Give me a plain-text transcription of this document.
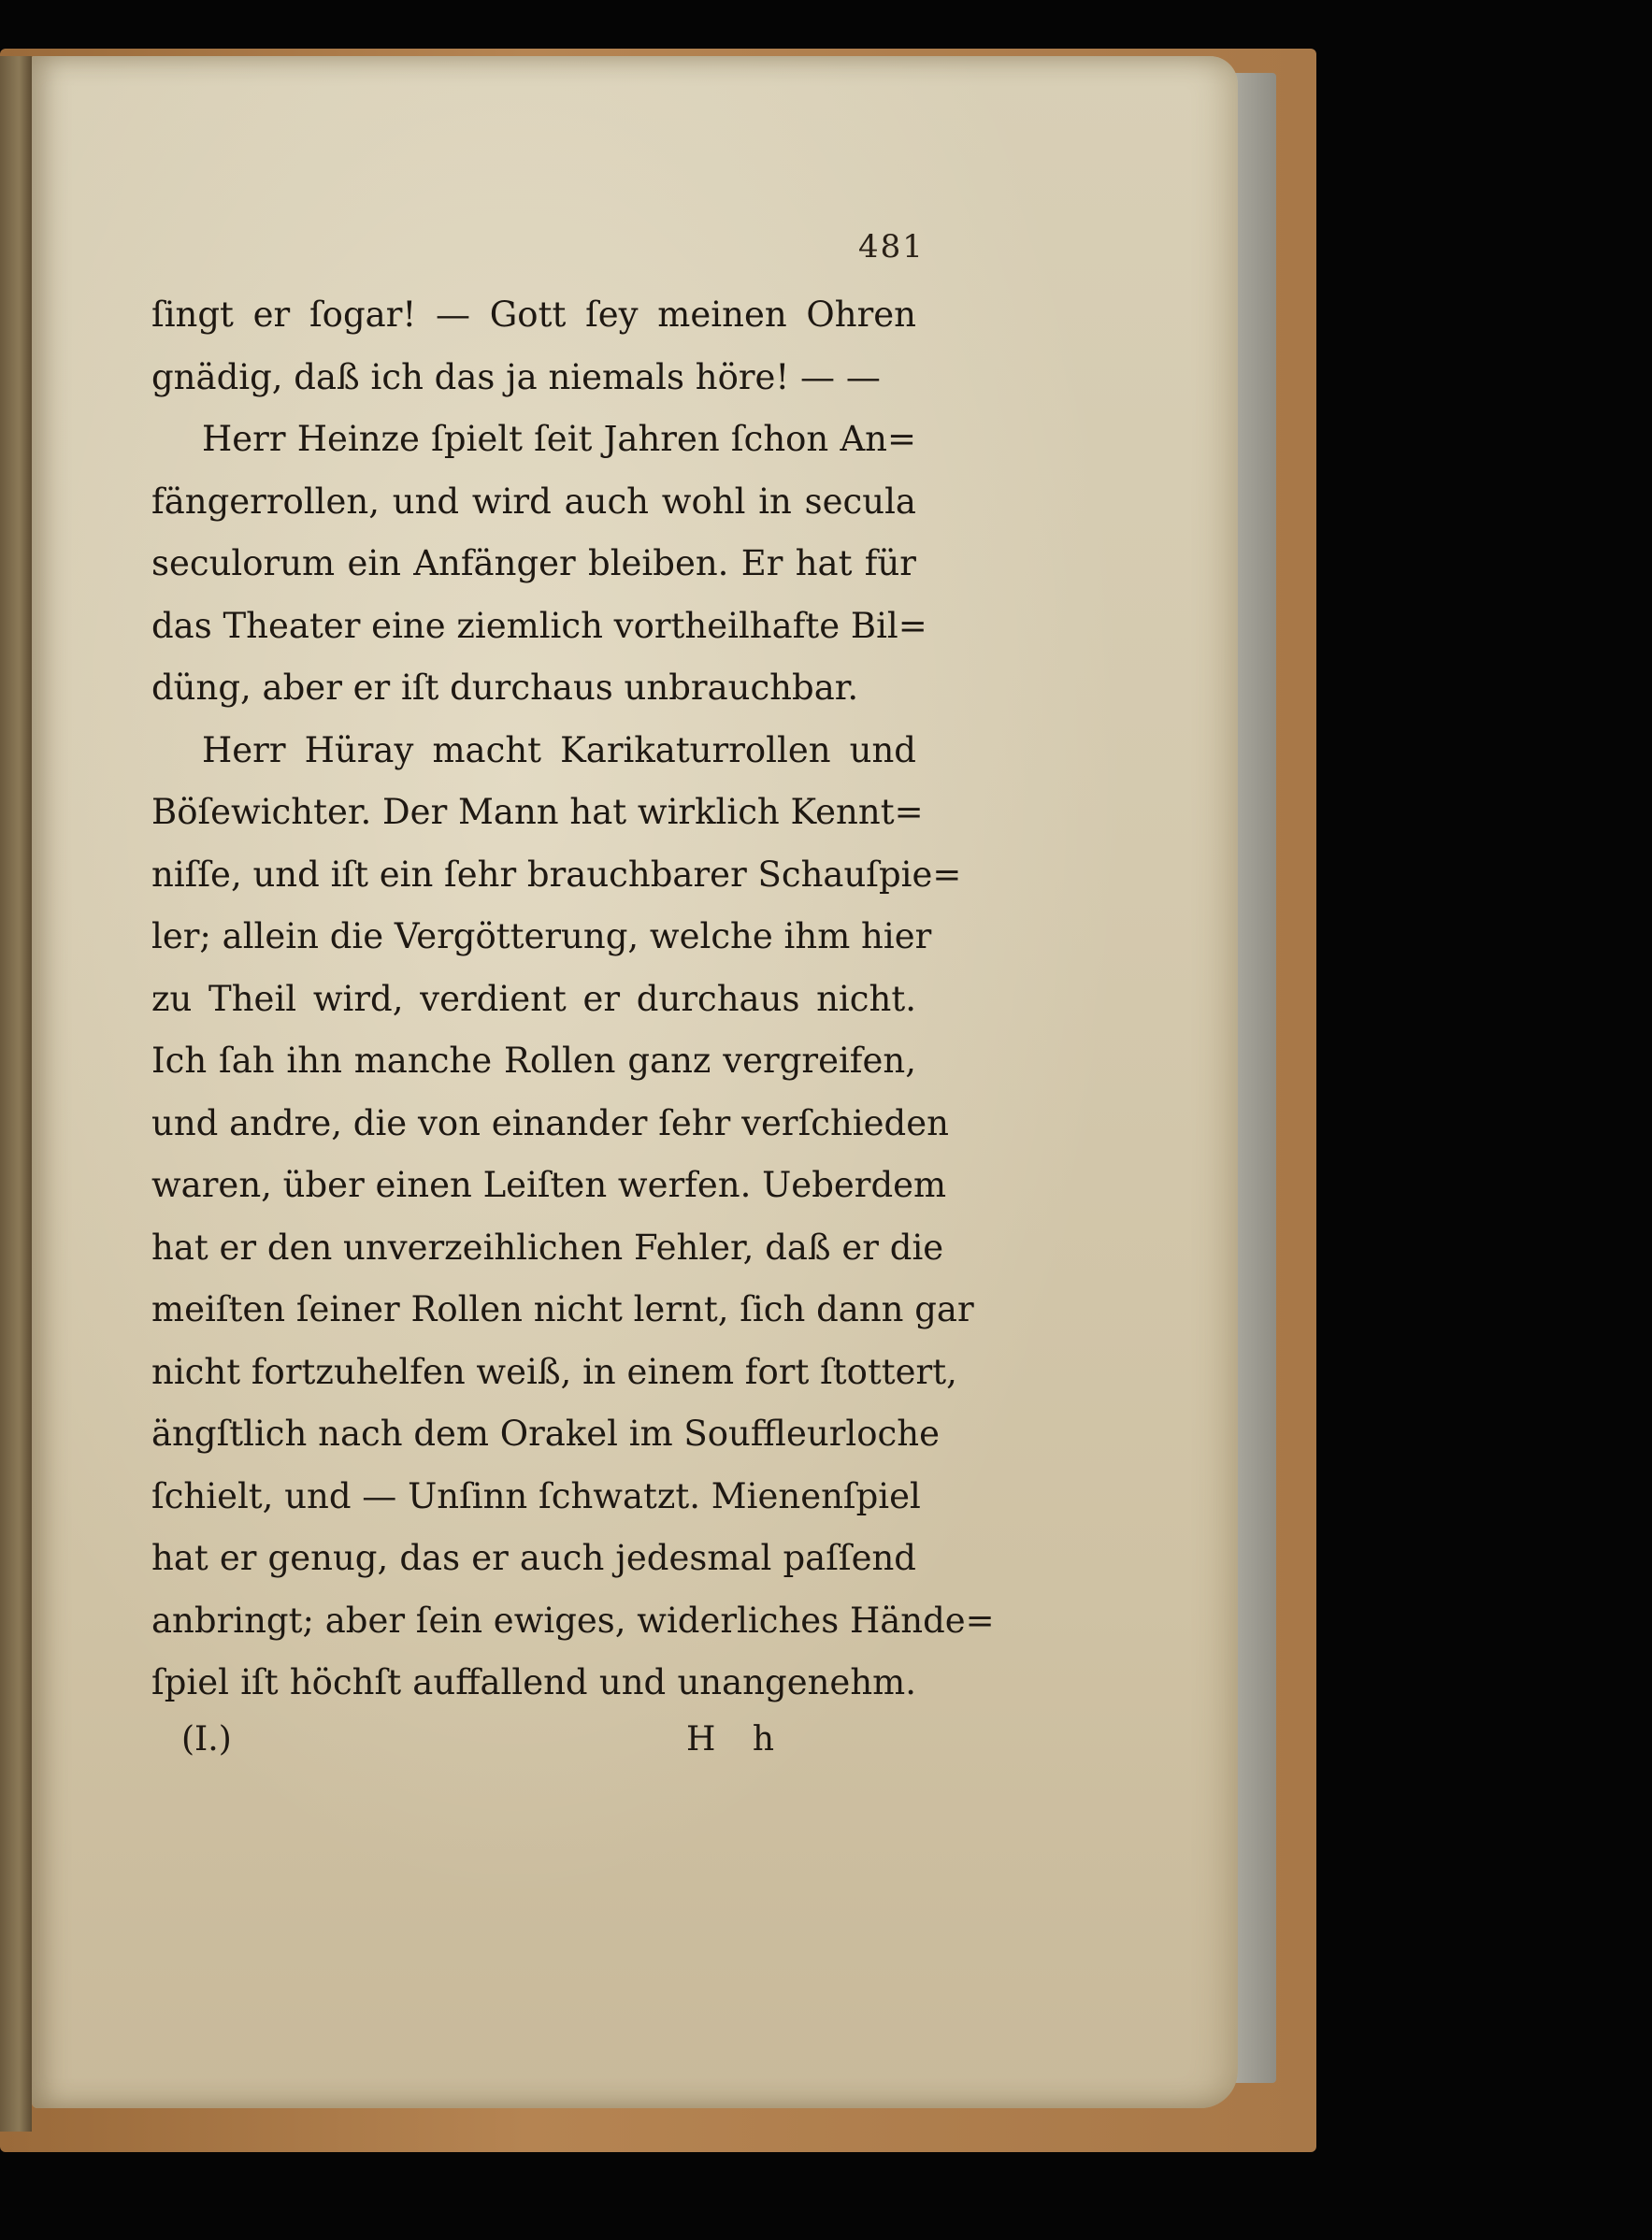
481
ſingt er ſogar! — Gott ſey meinen Ohren
gnädig, daß ich das ja niemals höre! — —
Herr Heinze ſpielt ſeit Jahren ſchon An=
fängerrollen, und wird auch wohl in secula
seculorum ein Anfänger bleiben. Er hat für
das Theater eine ziemlich vortheilhafte Bil=
düng, aber er iſt durchaus unbrauchbar.
Herr Hüray macht Karikaturrollen und
Böſewichter. Der Mann hat wirklich Kennt=
niſſe, und iſt ein ſehr brauchbarer Schauſpie=
ler; allein die Vergötterung, welche ihm hier
zu Theil wird, verdient er durchaus nicht.
Ich ſah ihn manche Rollen ganz vergreifen,
und andre, die von einander ſehr verſchieden
waren, über einen Leiſten werfen. Ueberdem
hat er den unverzeihlichen Fehler, daß er die
meiſten ſeiner Rollen nicht lernt, ſich dann gar
nicht fortzuhelfen weiß, in einem fort ſtottert,
ängſtlich nach dem Orakel im Souffleurloche
ſchielt, und — Unſinn ſchwatzt. Mienenſpiel
hat er genug, das er auch jedesmal paſſend
anbringt; aber ſein ewiges, widerliches Hände=
ſpiel iſt höchſt auffallend und unangenehm.
(I.)	H h
